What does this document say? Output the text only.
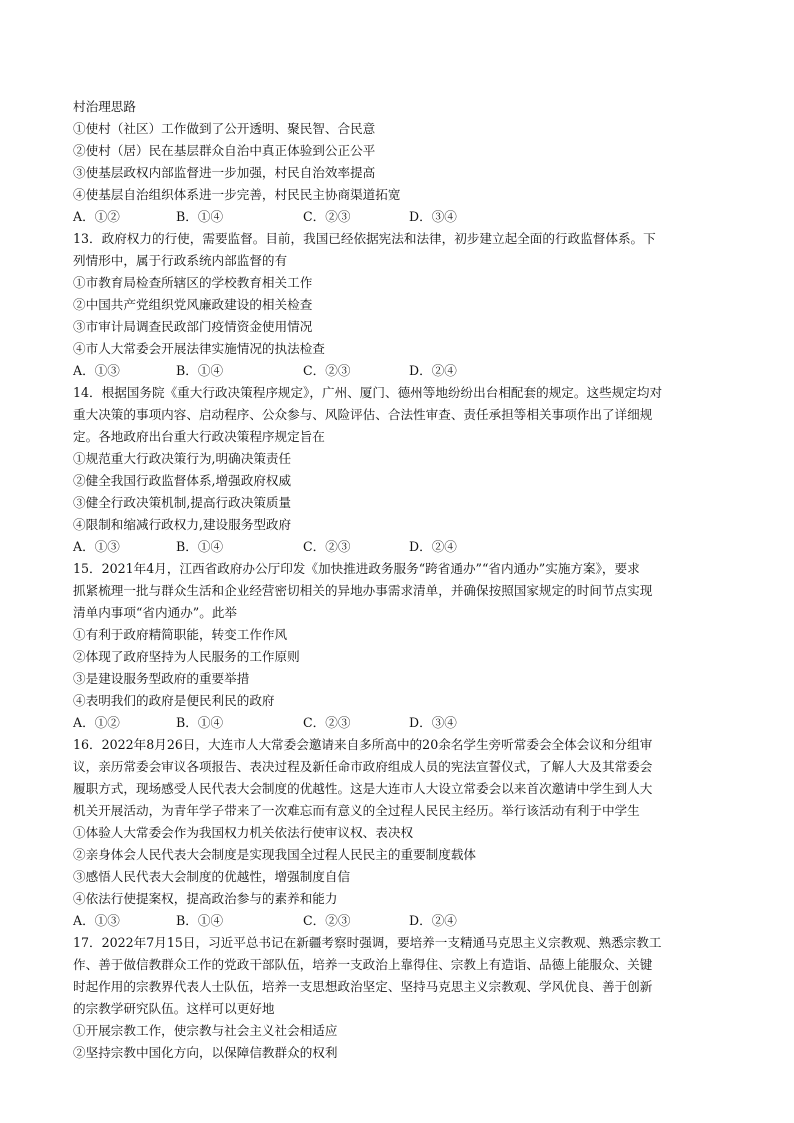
村治理思路
①使村（社区）工作做到了公开透明、聚民智、合民意
②使村（居）民在基层群众自治中真正体验到公正公平
③使基层政权内部监督进一步加强，村民自治效率提高
④使基层自治组织体系进一步完善，村民民主协商渠道拓宽
A．①②	B．①④	C．②③	D．③④
13．政府权力的行使，需要监督。目前，我国已经依据宪法和法律，初步建立起全面的行政监督体系。下
列情形中，属于行政系统内部监督的有
①市教育局检查所辖区的学校教育相关工作
②中国共产党组织党风廉政建设的相关检查
③市审计局调查民政部门疫情资金使用情况
④市人大常委会开展法律实施情况的执法检查
A．①③	B．①④	C．②③	D．②④
14．根据国务院《重大行政决策程序规定》，广州、厦门、德州等地纷纷出台相配套的规定。这些规定均对
重大决策的事项内容、启动程序、公众参与、风险评估、合法性审查、责任承担等相关事项作出了详细规
定。各地政府出台重大行政决策程序规定旨在
①规范重大行政决策行为,明确决策责任
②健全我国行政监督体系,增强政府权威
③健全行政决策机制,提高行政决策质量
④限制和缩减行政权力,建设服务型政府
A．①③	B．①④	C．②③	D．②④
15．2021年4月，江西省政府办公厅印发《加快推进政务服务“跨省通办”“省内通办”实施方案》，要求
抓紧梳理一批与群众生活和企业经营密切相关的异地办事需求清单，并确保按照国家规定的时间节点实现
清单内事项“省内通办”。此举
①有利于政府精简职能，转变工作作风
②体现了政府坚持为人民服务的工作原则
③是建设服务型政府的重要举措
④表明我们的政府是便民利民的政府
A．①②	B．①④	C．②③	D．③④
16．2022年8月26日，大连市人大常委会邀请来自多所高中的20余名学生旁听常委会全体会议和分组审
议，亲历常委会审议各项报告、表决过程及新任命市政府组成人员的宪法宣誓仪式，了解人大及其常委会
履职方式，现场感受人民代表大会制度的优越性。这是大连市人大设立常委会以来首次邀请中学生到人大
机关开展活动，为青年学子带来了一次难忘而有意义的全过程人民民主经历。举行该活动有利于中学生
①体验人大常委会作为我国权力机关依法行使审议权、表决权
②亲身体会人民代表大会制度是实现我国全过程人民民主的重要制度载体
③感悟人民代表大会制度的优越性，增强制度自信
④依法行使提案权，提高政治参与的素养和能力
A．①③	B．①④	C．②③	D．②④
17．2022年7月15日，习近平总书记在新疆考察时强调，要培养一支精通马克思主义宗教观、熟悉宗教工
作、善于做信教群众工作的党政干部队伍，培养一支政治上靠得住、宗教上有造诣、品德上能服众、关键
时起作用的宗教界代表人士队伍，培养一支思想政治坚定、坚持马克思主义宗教观、学风优良、善于创新
的宗教学研究队伍。这样可以更好地
①开展宗教工作，使宗教与社会主义社会相适应
②坚持宗教中国化方向，以保障信教群众的权利
